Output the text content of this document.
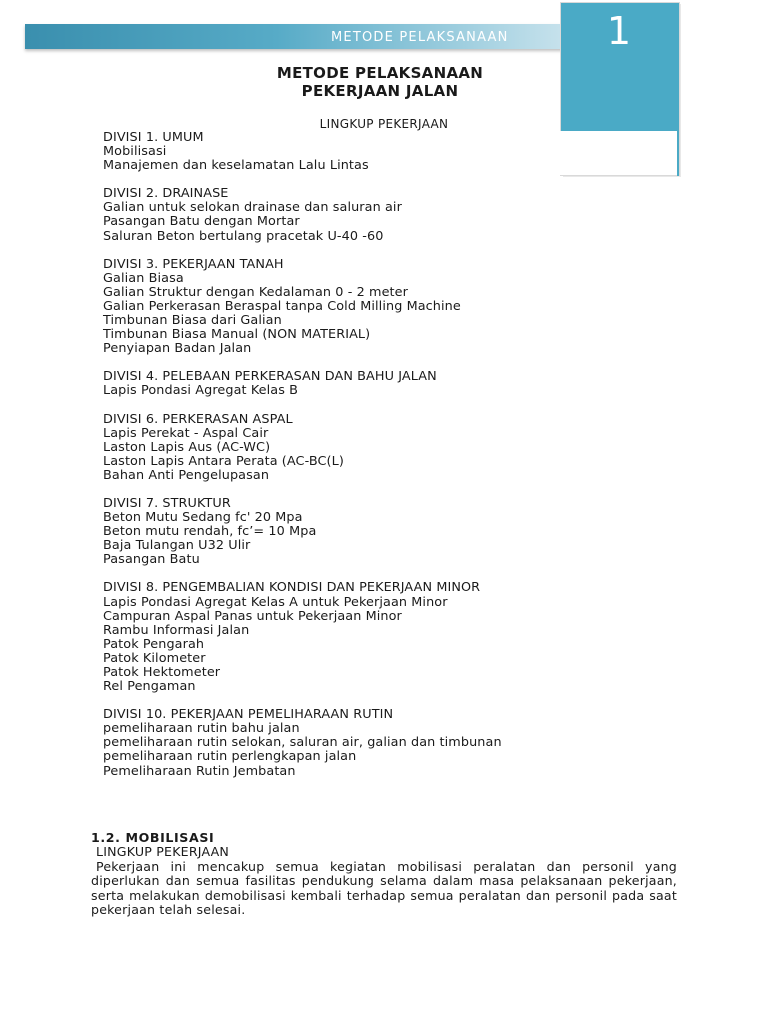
METODE PELAKSANAAN	1
METODE PELAKSANAAN
PEKERJAAN JALAN
LINGKUP PEKERJAAN
DIVISI 1. UMUM
Mobilisasi
Manajemen dan keselamatan Lalu Lintas
DIVISI 2. DRAINASE
Galian untuk selokan drainase dan saluran air
Pasangan Batu dengan Mortar
Saluran Beton bertulang pracetak U-40 -60
DIVISI 3. PEKERJAAN TANAH
Galian Biasa
Galian Struktur dengan Kedalaman 0 - 2 meter
Galian Perkerasan Beraspal tanpa Cold Milling Machine
Timbunan Biasa dari Galian
Timbunan Biasa Manual (NON MATERIAL)
Penyiapan Badan Jalan
DIVISI 4. PELEBAAN PERKERASAN DAN BAHU JALAN
Lapis Pondasi Agregat Kelas B
DIVISI 6. PERKERASAN ASPAL
Lapis Perekat - Aspal Cair
Laston Lapis Aus (AC-WC)
Laston Lapis Antara Perata (AC-BC(L)
Bahan Anti Pengelupasan
DIVISI 7. STRUKTUR
Beton Mutu Sedang fc' 20 Mpa
Beton mutu rendah, fc’= 10 Mpa
Baja Tulangan U32 Ulir
Pasangan Batu
DIVISI 8. PENGEMBALIAN KONDISI DAN PEKERJAAN MINOR
Lapis Pondasi Agregat Kelas A untuk Pekerjaan Minor
Campuran Aspal Panas untuk Pekerjaan Minor
Rambu Informasi Jalan
Patok Pengarah
Patok Kilometer
Patok Hektometer
Rel Pengaman
DIVISI 10. PEKERJAAN PEMELIHARAAN RUTIN
pemeliharaan rutin bahu jalan
pemeliharaan rutin selokan, saluran air, galian dan timbunan
pemeliharaan rutin perlengkapan jalan
Pemeliharaan Rutin Jembatan
1.2. MOBILISASI
LINGKUP PEKERJAAN
Pekerjaan ini mencakup semua kegiatan mobilisasi peralatan dan personil yang diperlukan dan semua fasilitas pendukung selama dalam masa pelaksanaan pekerjaan, serta melakukan demobilisasi kembali terhadap semua peralatan dan personil pada saat pekerjaan telah selesai.
